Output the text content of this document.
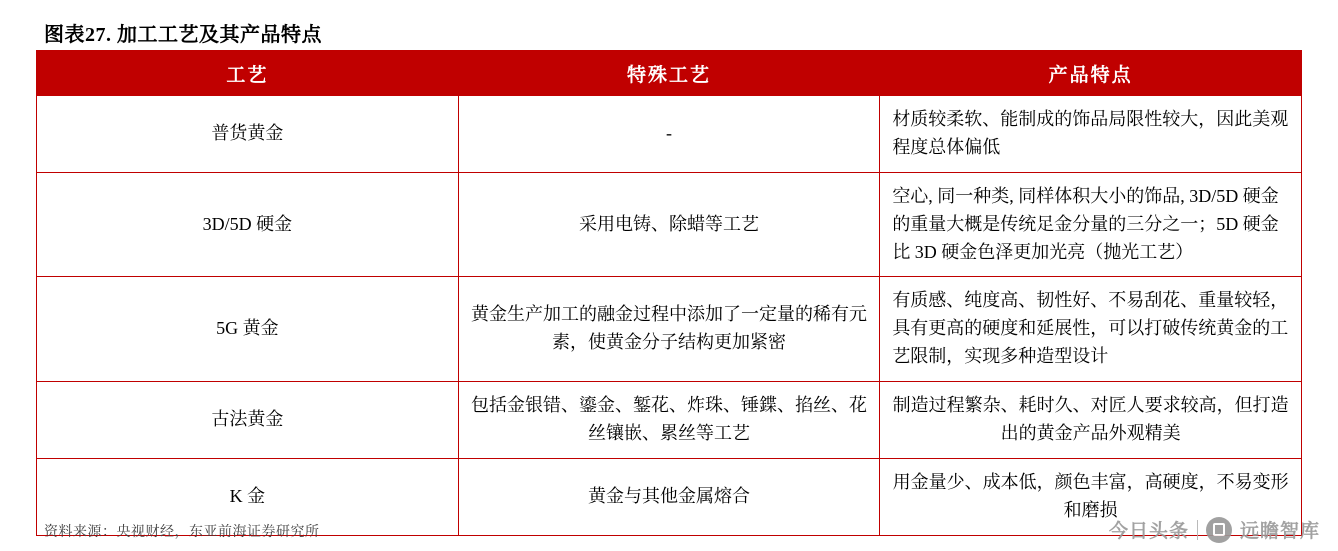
图表27. 加工工艺及其产品特点
工艺	特殊工艺	产品特点
普货黄金	-	材质较柔软、能制成的饰品局限性较大，因此美观程度总体偏低
3D/5D 硬金	采用电铸、除蜡等工艺	空心, 同一种类, 同样体积大小的饰品, 3D/5D 硬金的重量大概是传统足金分量的三分之一；5D 硬金比 3D 硬金色泽更加光亮（抛光工艺）
5G 黄金	黄金生产加工的融金过程中添加了一定量的稀有元素，使黄金分子结构更加紧密	有质感、纯度高、韧性好、不易刮花、重量较轻，具有更高的硬度和延展性，可以打破传统黄金的工艺限制，实现多种造型设计
古法黄金	包括金银错、鎏金、錾花、炸珠、锤鍱、掐丝、花丝镶嵌、累丝等工艺	制造过程繁杂、耗时久、对匠人要求较高，但打造出的黄金产品外观精美
K 金	黄金与其他金属熔合	用金量少、成本低，颜色丰富，高硬度，不易变形和磨损
资料来源：央视财经，东亚前海证券研究所	今日头条	远瞻智库
